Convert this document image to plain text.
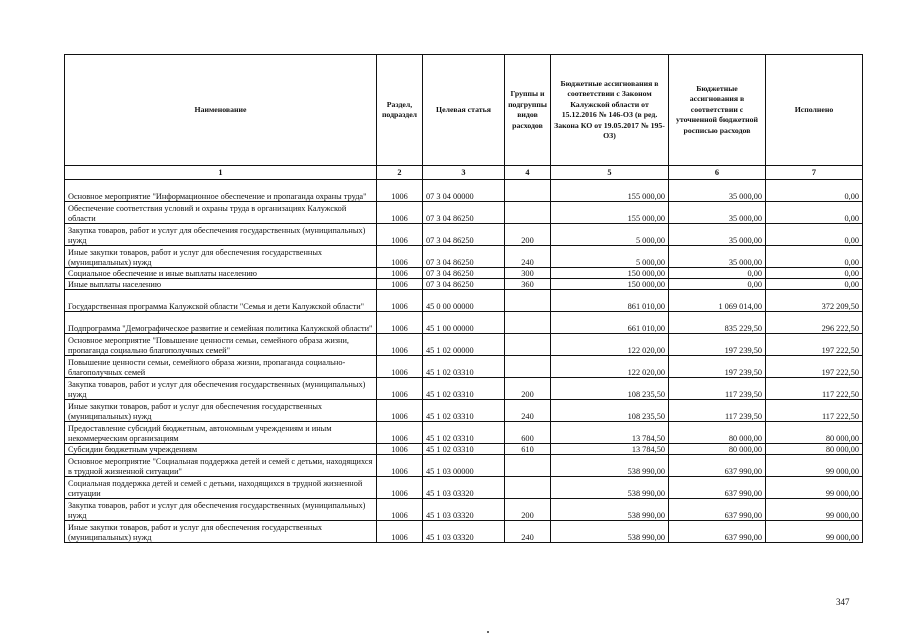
Наименование	Раздел, подраздел	Целевая статья	Группы и подгруппы видов расходов	Бюджетные ассигнования в соответствии с Законом Калужской области от 15.12.2016 № 146-ОЗ (в ред. Закона КО от 19.05.2017 № 195-ОЗ)	Бюджетные ассигнования в соответствии с уточненной бюджетной росписью расходов	Исполнено
1	2	3	4	5	6	7
Основное мероприятие "Информационное обеспечение и пропаганда охраны труда"	1006	07 3 04 00000		155 000,00	35 000,00	0,00
Обеспечение соответствия условий и охраны труда в организациях Калужской области	1006	07 3 04 86250		155 000,00	35 000,00	0,00
Закупка товаров, работ и услуг для обеспечения государственных (муниципальных) нужд	1006	07 3 04 86250	200	5 000,00	35 000,00	0,00
Иные закупки товаров, работ и услуг для обеспечения государственных (муниципальных) нужд	1006	07 3 04 86250	240	5 000,00	35 000,00	0,00
Социальное обеспечение и иные выплаты населению	1006	07 3 04 86250	300	150 000,00	0,00	0,00
Иные выплаты населению	1006	07 3 04 86250	360	150 000,00	0,00	0,00
Государственная программа Калужской области "Семья и дети Калужской области"	1006	45 0 00 00000		861 010,00	1 069 014,00	372 209,50
Подпрограмма "Демографическое развитие и семейная политика Калужской области"	1006	45 1 00 00000		661 010,00	835 229,50	296 222,50
Основное мероприятие "Повышение ценности семьи, семейного образа жизни, пропаганда социально благополучных семей"	1006	45 1 02 00000		122 020,00	197 239,50	197 222,50
Повышение ценности семьи, семейного образа жизни, пропаганда социально-благополучных семей	1006	45 1 02 03310		122 020,00	197 239,50	197 222,50
Закупка товаров, работ и услуг для обеспечения государственных (муниципальных) нужд	1006	45 1 02 03310	200	108 235,50	117 239,50	117 222,50
Иные закупки товаров, работ и услуг для обеспечения государственных (муниципальных) нужд	1006	45 1 02 03310	240	108 235,50	117 239,50	117 222,50
Предоставление субсидий бюджетным, автономным учреждениям и иным некоммерческим организациям	1006	45 1 02 03310	600	13 784,50	80 000,00	80 000,00
Субсидии бюджетным учреждениям	1006	45 1 02 03310	610	13 784,50	80 000,00	80 000,00
Основное мероприятие "Социальная поддержка детей и семей с детьми, находящихся в трудной жизненной ситуации"	1006	45 1 03 00000		538 990,00	637 990,00	99 000,00
Социальная поддержка детей и семей с детьми, находящихся в трудной жизненной ситуации	1006	45 1 03 03320		538 990,00	637 990,00	99 000,00
Закупка товаров, работ и услуг для обеспечения государственных (муниципальных) нужд	1006	45 1 03 03320	200	538 990,00	637 990,00	99 000,00
Иные закупки товаров, работ и услуг для обеспечения государственных (муниципальных) нужд	1006	45 1 03 03320	240	538 990,00	637 990,00	99 000,00
347
